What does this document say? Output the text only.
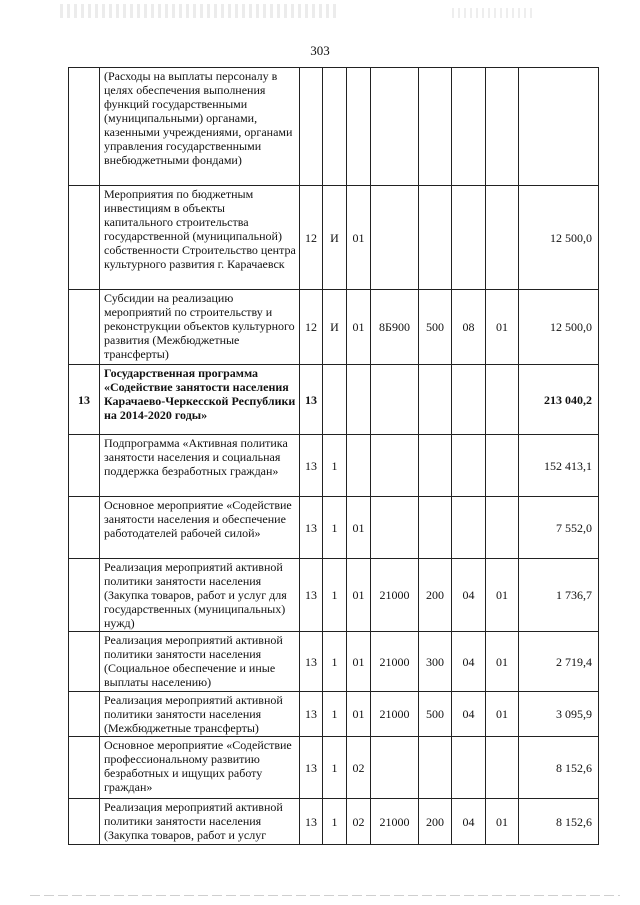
303
	(Расходы на выплаты персоналу в целях обеспечения выполнения функций государственными (муниципальными) органами, казенными учреждениями, органами управления государственными внебюджетными фондами)								
	Мероприятия по бюджетным инвестициям в объекты капитального строительства государственной (муниципальной) собственности Строительство центра культурного развития г. Карачаевск	12	И	01					12 500,0
	Субсидии на реализацию мероприятий по строительству и реконструкции объектов культурного развития (Межбюджетные трансферты)	12	И	01	8Б900	500	08	01	12 500,0
13	Государственная программа «Содействие занятости населения Карачаево-Черкесской Республики на 2014-2020 годы»	13							213 040,2
	Подпрограмма «Активная политика занятости населения и социальная поддержка безработных граждан»	13	1						152 413,1
	Основное мероприятие «Содействие занятости населения и обеспечение работодателей рабочей силой»	13	1	01					7 552,0
	Реализация мероприятий активной политики занятости населения (Закупка товаров, работ и услуг для государственных (муниципальных) нужд)	13	1	01	21000	200	04	01	1 736,7
	Реализация мероприятий активной политики занятости населения (Социальное обеспечение и иные выплаты населению)	13	1	01	21000	300	04	01	2 719,4
	Реализация мероприятий активной политики занятости населения (Межбюджетные трансферты)	13	1	01	21000	500	04	01	3 095,9
	Основное мероприятие «Содействие профессиональному развитию безработных и ищущих работу граждан»	13	1	02					8 152,6
	Реализация мероприятий активной политики занятости населения (Закупка товаров, работ и услуг	13	1	02	21000	200	04	01	8 152,6
